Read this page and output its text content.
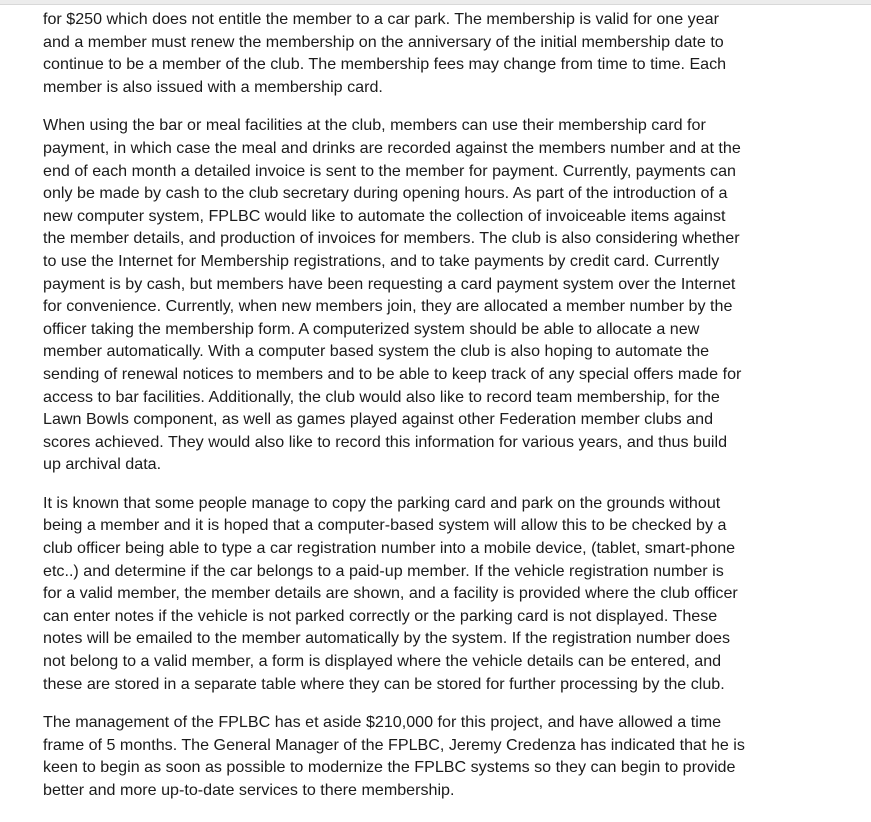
for $250 which does not entitle the member to a car park. The membership is valid for one year
and a member must renew the membership on the anniversary of the initial membership date to
continue to be a member of the club. The membership fees may change from time to time. Each
member is also issued with a membership card.

When using the bar or meal facilities at the club, members can use their membership card for
payment, in which case the meal and drinks are recorded against the members number and at the
end of each month a detailed invoice is sent to the member for payment. Currently, payments can
only be made by cash to the club secretary during opening hours. As part of the introduction of a
new computer system, FPLBC would like to automate the collection of invoiceable items against
the member details, and production of invoices for members. The club is also considering whether
to use the Internet for Membership registrations, and to take payments by credit card. Currently
payment is by cash, but members have been requesting a card payment system over the Internet
for convenience. Currently, when new members join, they are allocated a member number by the
officer taking the membership form. A computerized system should be able to allocate a new
member automatically. With a computer based system the club is also hoping to automate the
sending of renewal notices to members and to be able to keep track of any special offers made for
access to bar facilities. Additionally, the club would also like to record team membership, for the
Lawn Bowls component, as well as games played against other Federation member clubs and
scores achieved. They would also like to record this information for various years, and thus build
up archival data.

It is known that some people manage to copy the parking card and park on the grounds without
being a member and it is hoped that a computer-based system will allow this to be checked by a
club officer being able to type a car registration number into a mobile device, (tablet, smart-phone
etc..) and determine if the car belongs to a paid-up member. If the vehicle registration number is
for a valid member, the member details are shown, and a facility is provided where the club officer
can enter notes if the vehicle is not parked correctly or the parking card is not displayed. These
notes will be emailed to the member automatically by the system. If the registration number does
not belong to a valid member, a form is displayed where the vehicle details can be entered, and
these are stored in a separate table where they can be stored for further processing by the club.

The management of the FPLBC has et aside $210,000 for this project, and have allowed a time
frame of 5 months. The General Manager of the FPLBC, Jeremy Credenza has indicated that he is
keen to begin as soon as possible to modernize the FPLBC systems so they can begin to provide
better and more up-to-date services to there membership.
